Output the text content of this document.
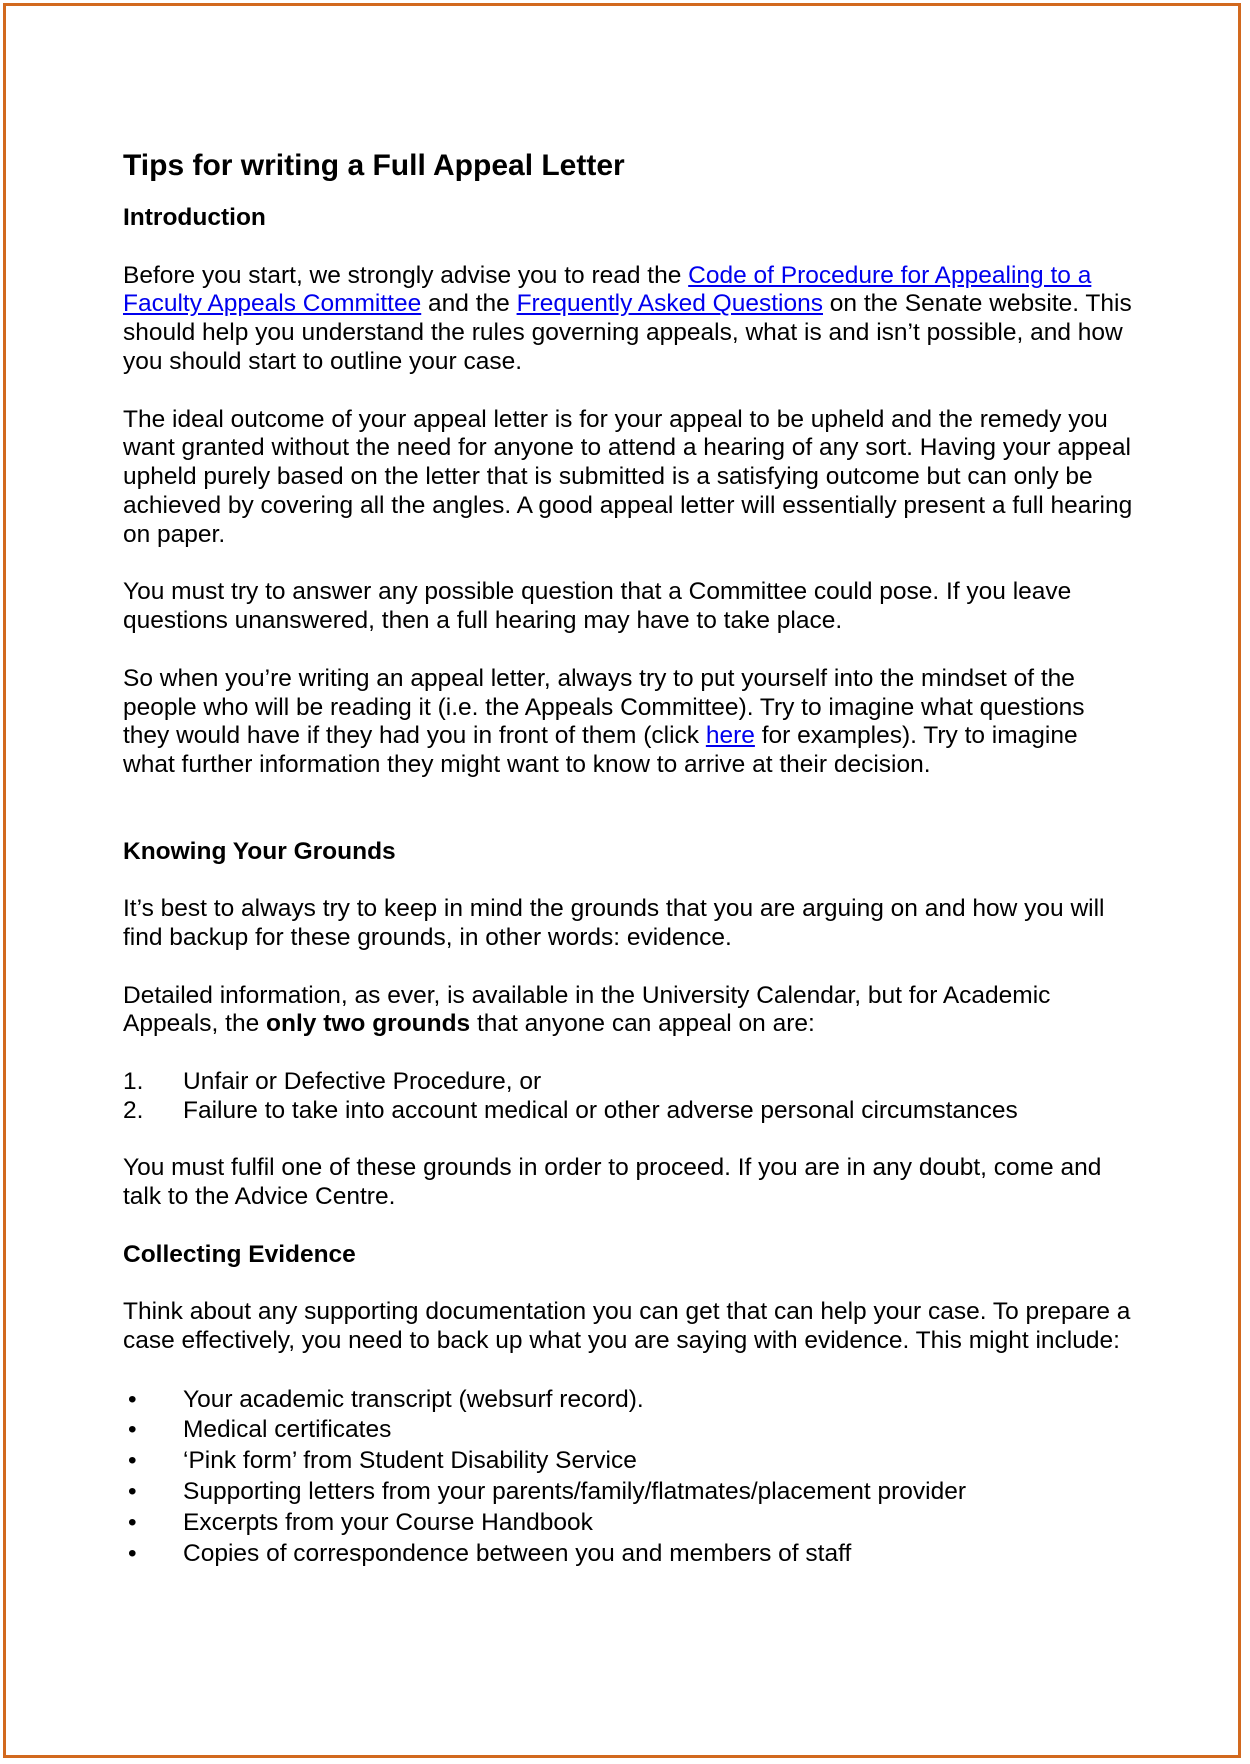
Tips for writing a Full Appeal Letter
Introduction

Before you start, we strongly advise you to read the Code of Procedure for Appealing to a Faculty Appeals Committee and the Frequently Asked Questions on the Senate website. This should help you understand the rules governing appeals, what is and isn’t possible, and how you should start to outline your case.

The ideal outcome of your appeal letter is for your appeal to be upheld and the remedy you want granted without the need for anyone to attend a hearing of any sort. Having your appeal upheld purely based on the letter that is submitted is a satisfying outcome but can only be achieved by covering all the angles. A good appeal letter will essentially present a full hearing on paper.

You must try to answer any possible question that a Committee could pose. If you leave questions unanswered, then a full hearing may have to take place.

So when you’re writing an appeal letter, always try to put yourself into the mindset of the people who will be reading it (i.e. the Appeals Committee). Try to imagine what questions they would have if they had you in front of them (click here for examples). Try to imagine what further information they might want to know to arrive at their decision.

Knowing Your Grounds

It’s best to always try to keep in mind the grounds that you are arguing on and how you will find backup for these grounds, in other words: evidence.

Detailed information, as ever, is available in the University Calendar, but for Academic Appeals, the only two grounds that anyone can appeal on are:

1. Unfair or Defective Procedure, or
2. Failure to take into account medical or other adverse personal circumstances

You must fulfil one of these grounds in order to proceed. If you are in any doubt, come and talk to the Advice Centre.

Collecting Evidence

Think about any supporting documentation you can get that can help your case. To prepare a case effectively, you need to back up what you are saying with evidence. This might include:

• Your academic transcript (websurf record).
• Medical certificates
• ‘Pink form’ from Student Disability Service
• Supporting letters from your parents/family/flatmates/placement provider
• Excerpts from your Course Handbook
• Copies of correspondence between you and members of staff
